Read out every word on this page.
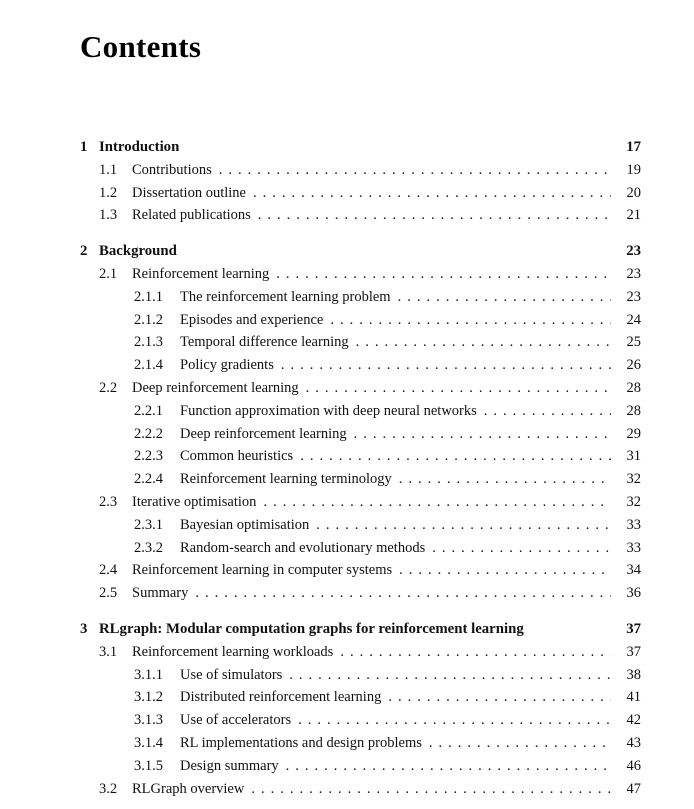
Contents
1 Introduction	17
1.1	Contributions .....	19
1.2	Dissertation outline .....	20
1.3	Related publications .....	21
2 Background	23
2.1	Reinforcement learning .....	23
2.1.1	The reinforcement learning problem .....	23
2.1.2	Episodes and experience .....	24
2.1.3	Temporal difference learning .....	25
2.1.4	Policy gradients .....	26
2.2	Deep reinforcement learning .....	28
2.2.1	Function approximation with deep neural networks .....	28
2.2.2	Deep reinforcement learning .....	29
2.2.3	Common heuristics .....	31
2.2.4	Reinforcement learning terminology .....	32
2.3	Iterative optimisation .....	32
2.3.1	Bayesian optimisation .....	33
2.3.2	Random-search and evolutionary methods .....	33
2.4	Reinforcement learning in computer systems .....	34
2.5	Summary .....	36
3 RLgraph: Modular computation graphs for reinforcement learning	37
3.1	Reinforcement learning workloads .....	37
3.1.1	Use of simulators .....	38
3.1.2	Distributed reinforcement learning .....	41
3.1.3	Use of accelerators .....	42
3.1.4	RL implementations and design problems .....	43
3.1.5	Design summary .....	46
3.2	RLGraph overview .....	47
